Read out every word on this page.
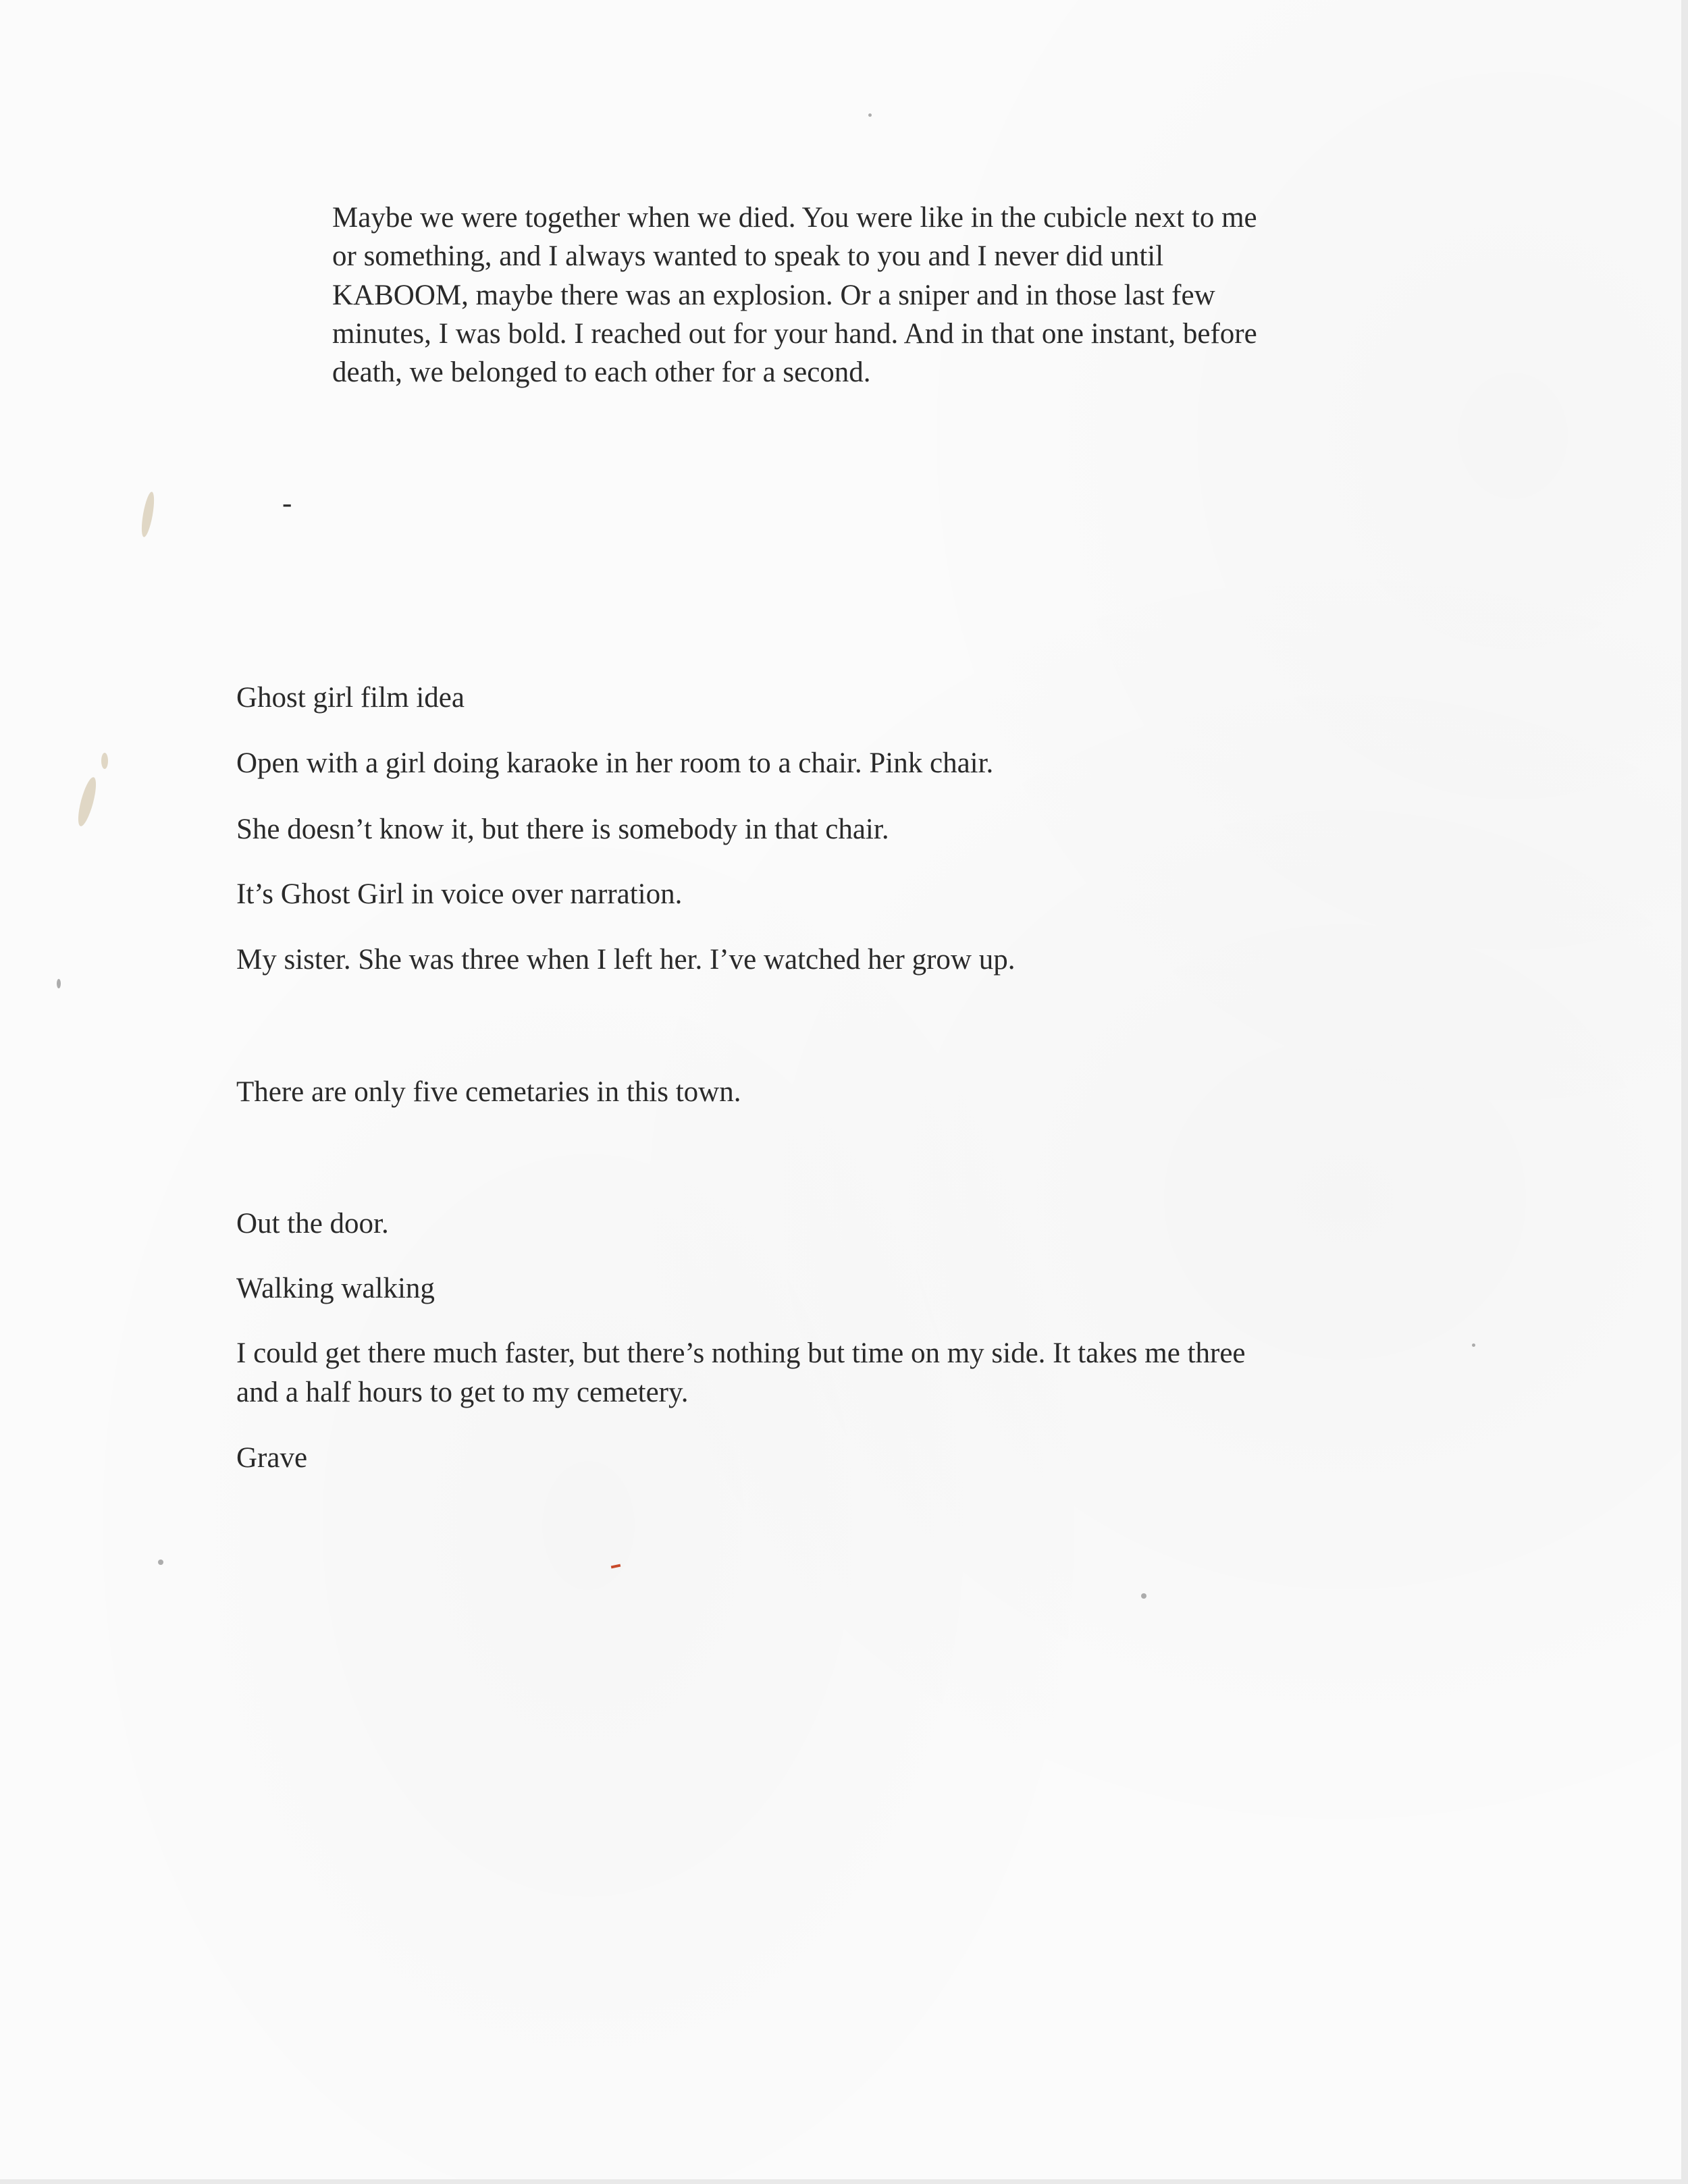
Maybe we were together when we died. You were like in the cubicle next to me

or something, and I always wanted to speak to you and I never did until

KABOOM, maybe there was an explosion. Or a sniper and in those last few

minutes, I was bold. I reached out for your hand. And in that one instant, before

death, we belonged to each other for a second.

-

Ghost girl film idea

Open with a girl doing karaoke in her room to a chair. Pink chair.

She doesn’t know it, but there is somebody in that chair.

It’s Ghost Girl in voice over narration.

My sister. She was three when I left her. I’ve watched her grow up.

There are only five cemetaries in this town.

Out the door.

Walking walking

I could get there much faster, but there’s nothing but time on my side. It takes me three

and a half hours to get to my cemetery.

Grave
